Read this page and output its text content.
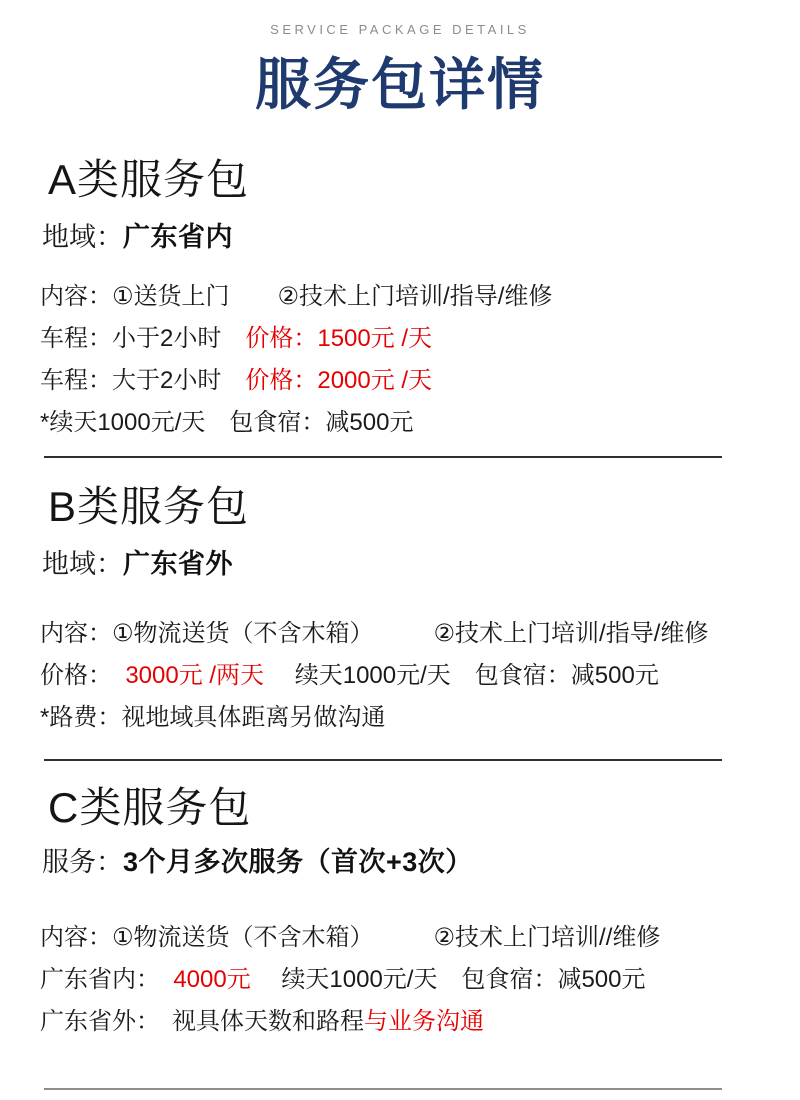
SERVICE PACKAGE DETAILS
服务包详情
A类服务包
地域：广东省内

内容：①送货上门　　②技术上门培训/指导/维修

车程：小于2小时　价格：1500元 /天

车程：大于2小时　价格：2000元 /天

*续天1000元/天　包食宿：减500元

B类服务包
地域：广东省外

内容：①物流送货（不含木箱）　　　②技术上门培训/指导/维修

价格：  3000元 /两天　 续天1000元/天　包食宿：减500元

*路费：视地域具体距离另做沟通

C类服务包
服务：3个月多次服务（首次+3次）

内容：①物流送货（不含木箱）　　　②技术上门培训//维修

广东省内：  4000元　 续天1000元/天　包食宿：减500元

广东省外：　视具体天数和路程与业务沟通
